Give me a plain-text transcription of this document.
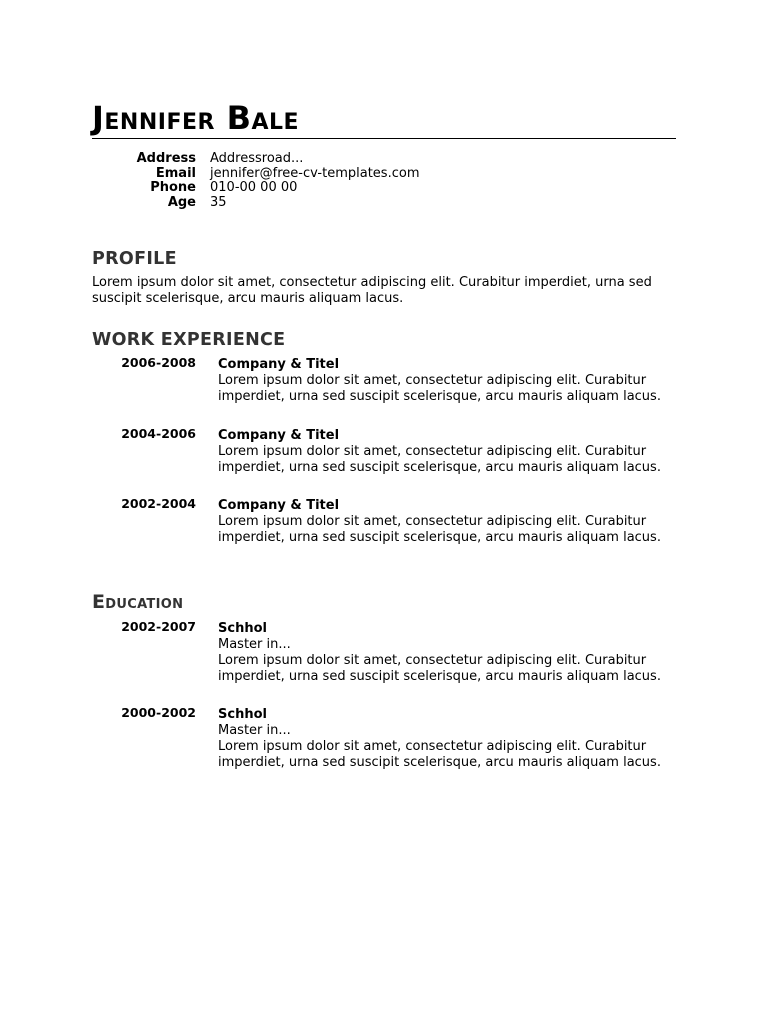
Jennifer Bale
Address	Addressroad...
Email	jennifer@free-cv-templates.com
Phone	010-00 00 00
Age	35
PROFILE
Lorem ipsum dolor sit amet, consectetur adipiscing elit. Curabitur imperdiet, urna sed suscipit scelerisque, arcu mauris aliquam lacus.
WORK EXPERIENCE
2006-2008	Company & Titel
Lorem ipsum dolor sit amet, consectetur adipiscing elit. Curabitur imperdiet, urna sed suscipit scelerisque, arcu mauris aliquam lacus.
2004-2006	Company & Titel
Lorem ipsum dolor sit amet, consectetur adipiscing elit. Curabitur imperdiet, urna sed suscipit scelerisque, arcu mauris aliquam lacus.
2002-2004	Company & Titel
Lorem ipsum dolor sit amet, consectetur adipiscing elit. Curabitur imperdiet, urna sed suscipit scelerisque, arcu mauris aliquam lacus.
Education
2002-2007	Schhol
Master in...
Lorem ipsum dolor sit amet, consectetur adipiscing elit. Curabitur imperdiet, urna sed suscipit scelerisque, arcu mauris aliquam lacus.
2000-2002	Schhol
Master in...
Lorem ipsum dolor sit amet, consectetur adipiscing elit. Curabitur imperdiet, urna sed suscipit scelerisque, arcu mauris aliquam lacus.
